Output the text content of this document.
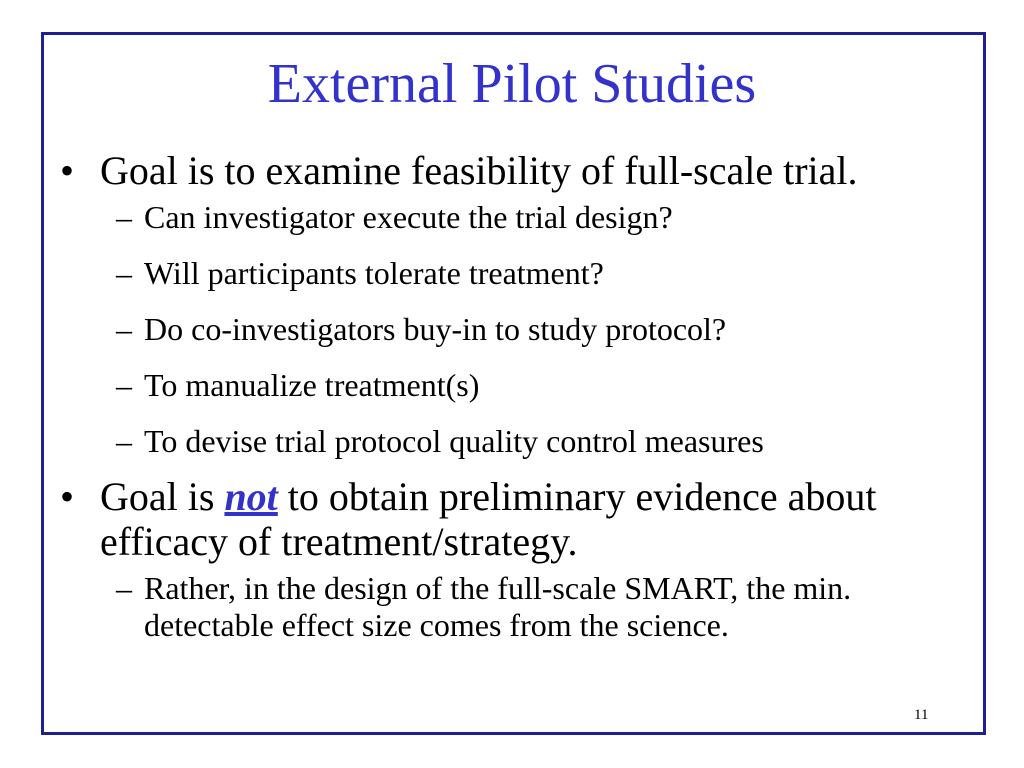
External Pilot Studies

• Goal is to examine feasibility of full-scale trial.

– Can investigator execute the trial design?

– Will participants tolerate treatment?

– Do co-investigators buy-in to study protocol?

– To manualize treatment(s)

– To devise trial protocol quality control measures

• Goal is not to obtain preliminary evidence about efficacy of treatment/strategy.

– Rather, in the design of the full-scale SMART, the min. detectable effect size comes from the science.

11
